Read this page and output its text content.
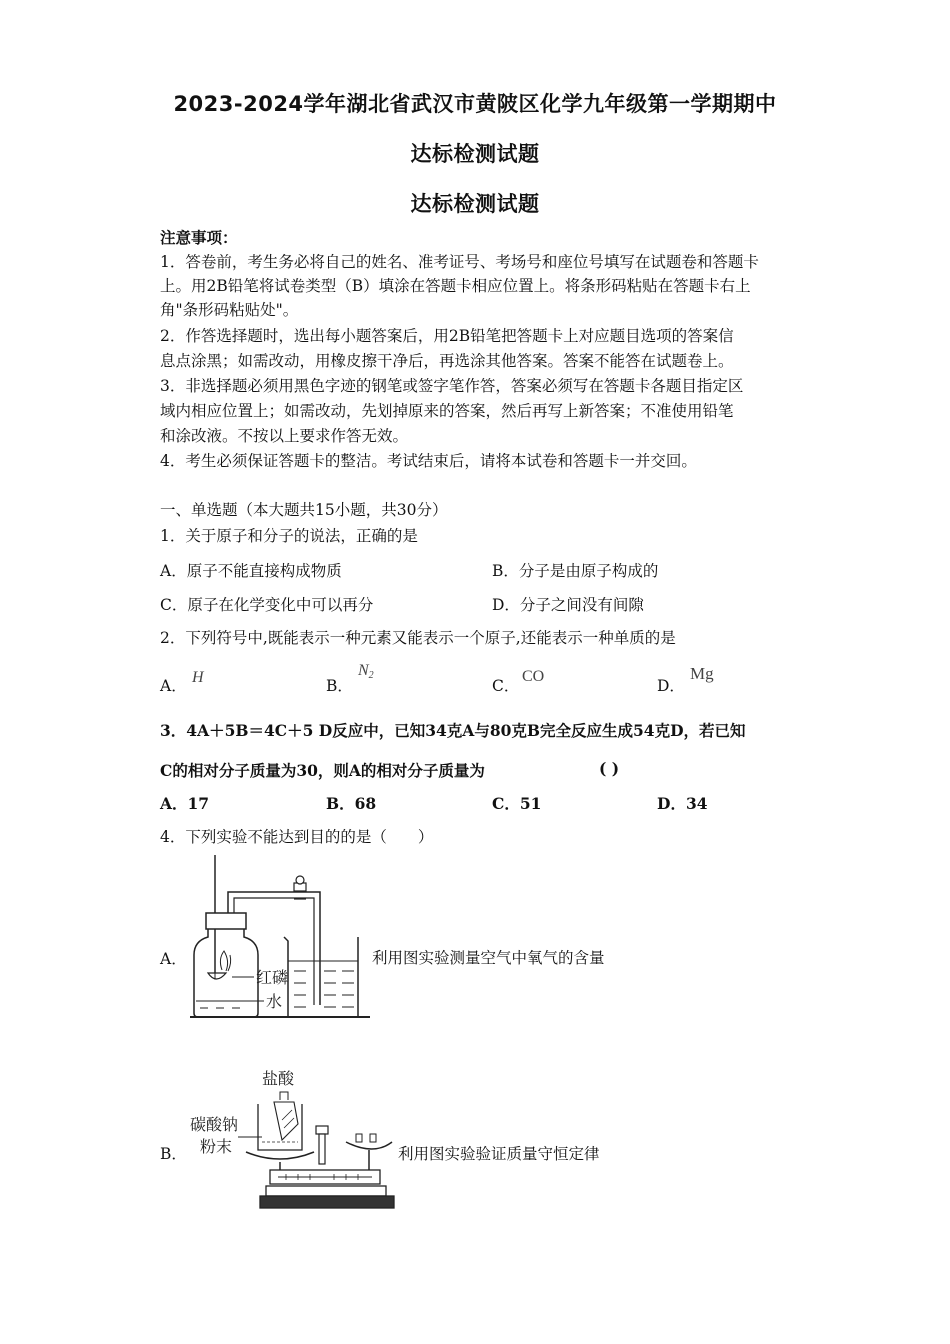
2023-2024学年湖北省武汉市黄陂区化学九年级第一学期期中
达标检测试题
达标检测试题
注意事项：
1．答卷前，考生务必将自己的姓名、准考证号、考场号和座位号填写在试题卷和答题卡
上。用2B铅笔将试卷类型（B）填涂在答题卡相应位置上。将条形码粘贴在答题卡右上
角"条形码粘贴处"。
2．作答选择题时，选出每小题答案后，用2B铅笔把答题卡上对应题目选项的答案信
息点涂黑；如需改动，用橡皮擦干净后，再选涂其他答案。答案不能答在试题卷上。
3．非选择题必须用黑色字迹的钢笔或签字笔作答，答案必须写在答题卡各题目指定区
域内相应位置上；如需改动，先划掉原来的答案，然后再写上新答案；不准使用铅笔
和涂改液。不按以上要求作答无效。
4．考生必须保证答题卡的整洁。考试结束后，请将本试卷和答题卡一并交回。
一、单选题（本大题共15小题，共30分）
1．关于原子和分子的说法，正确的是
A．原子不能直接构成物质	B．分子是由原子构成的
C．原子在化学变化中可以再分	D．分子之间没有间隙
2．下列符号中,既能表示一种元素又能表示一个原子,还能表示一种单质的是
A． H	B．
$N_2$
C．
CO
D．
Mg
3．4A＋5B＝4C＋5 D反应中，已知34克A与80克B完全反应生成54克D，若已知
C的相对分子质量为30，则A的相对分子质量为	( )
A．17	B．68	C．51	D．34
4．下列实验不能达到目的的是（　　）
A．
红磷
水
利用图实验测量空气中氧气的含量
B．
盐酸
碳酸钠
粉末	利用图实验验证质量守恒定律
